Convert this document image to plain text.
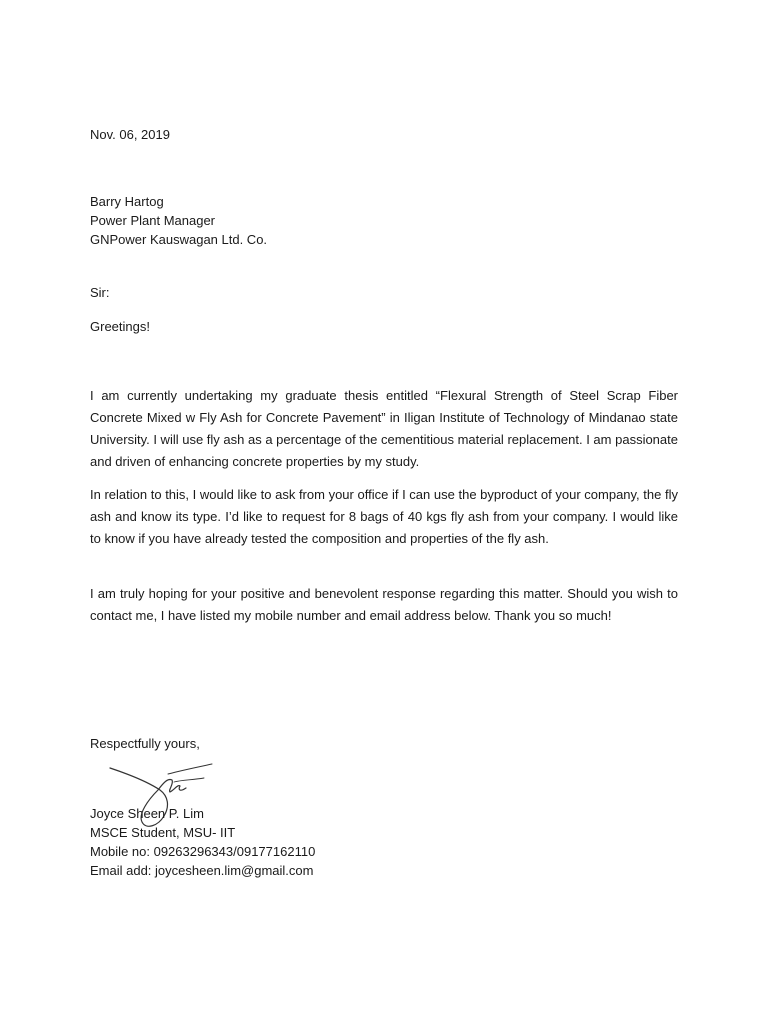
Nov. 06, 2019
Barry Hartog
Power Plant Manager
GNPower Kauswagan Ltd. Co.
Sir:
Greetings!
I am currently undertaking my graduate thesis entitled “Flexural Strength of Steel Scrap Fiber Concrete Mixed w Fly Ash for Concrete Pavement” in Iligan Institute of Technology of Mindanao state University. I will use fly ash as a percentage of the cementitious material replacement. I am passionate and driven of enhancing concrete properties by my study.
In relation to this, I would like to ask from your office if I can use the byproduct of your company, the fly ash and know its type. I’d like to request for 8 bags of 40 kgs fly ash from your company. I would like to know if you have already tested the composition and properties of the fly ash.
I am truly hoping for your positive and benevolent response regarding this matter. Should you wish to contact me, I have listed my mobile number and email address below. Thank you so much!
Respectfully yours,
Joyce Sheen P. Lim
MSCE Student, MSU- IIT
Mobile no: 09263296343/09177162110
Email add: joycesheen.lim@gmail.com
